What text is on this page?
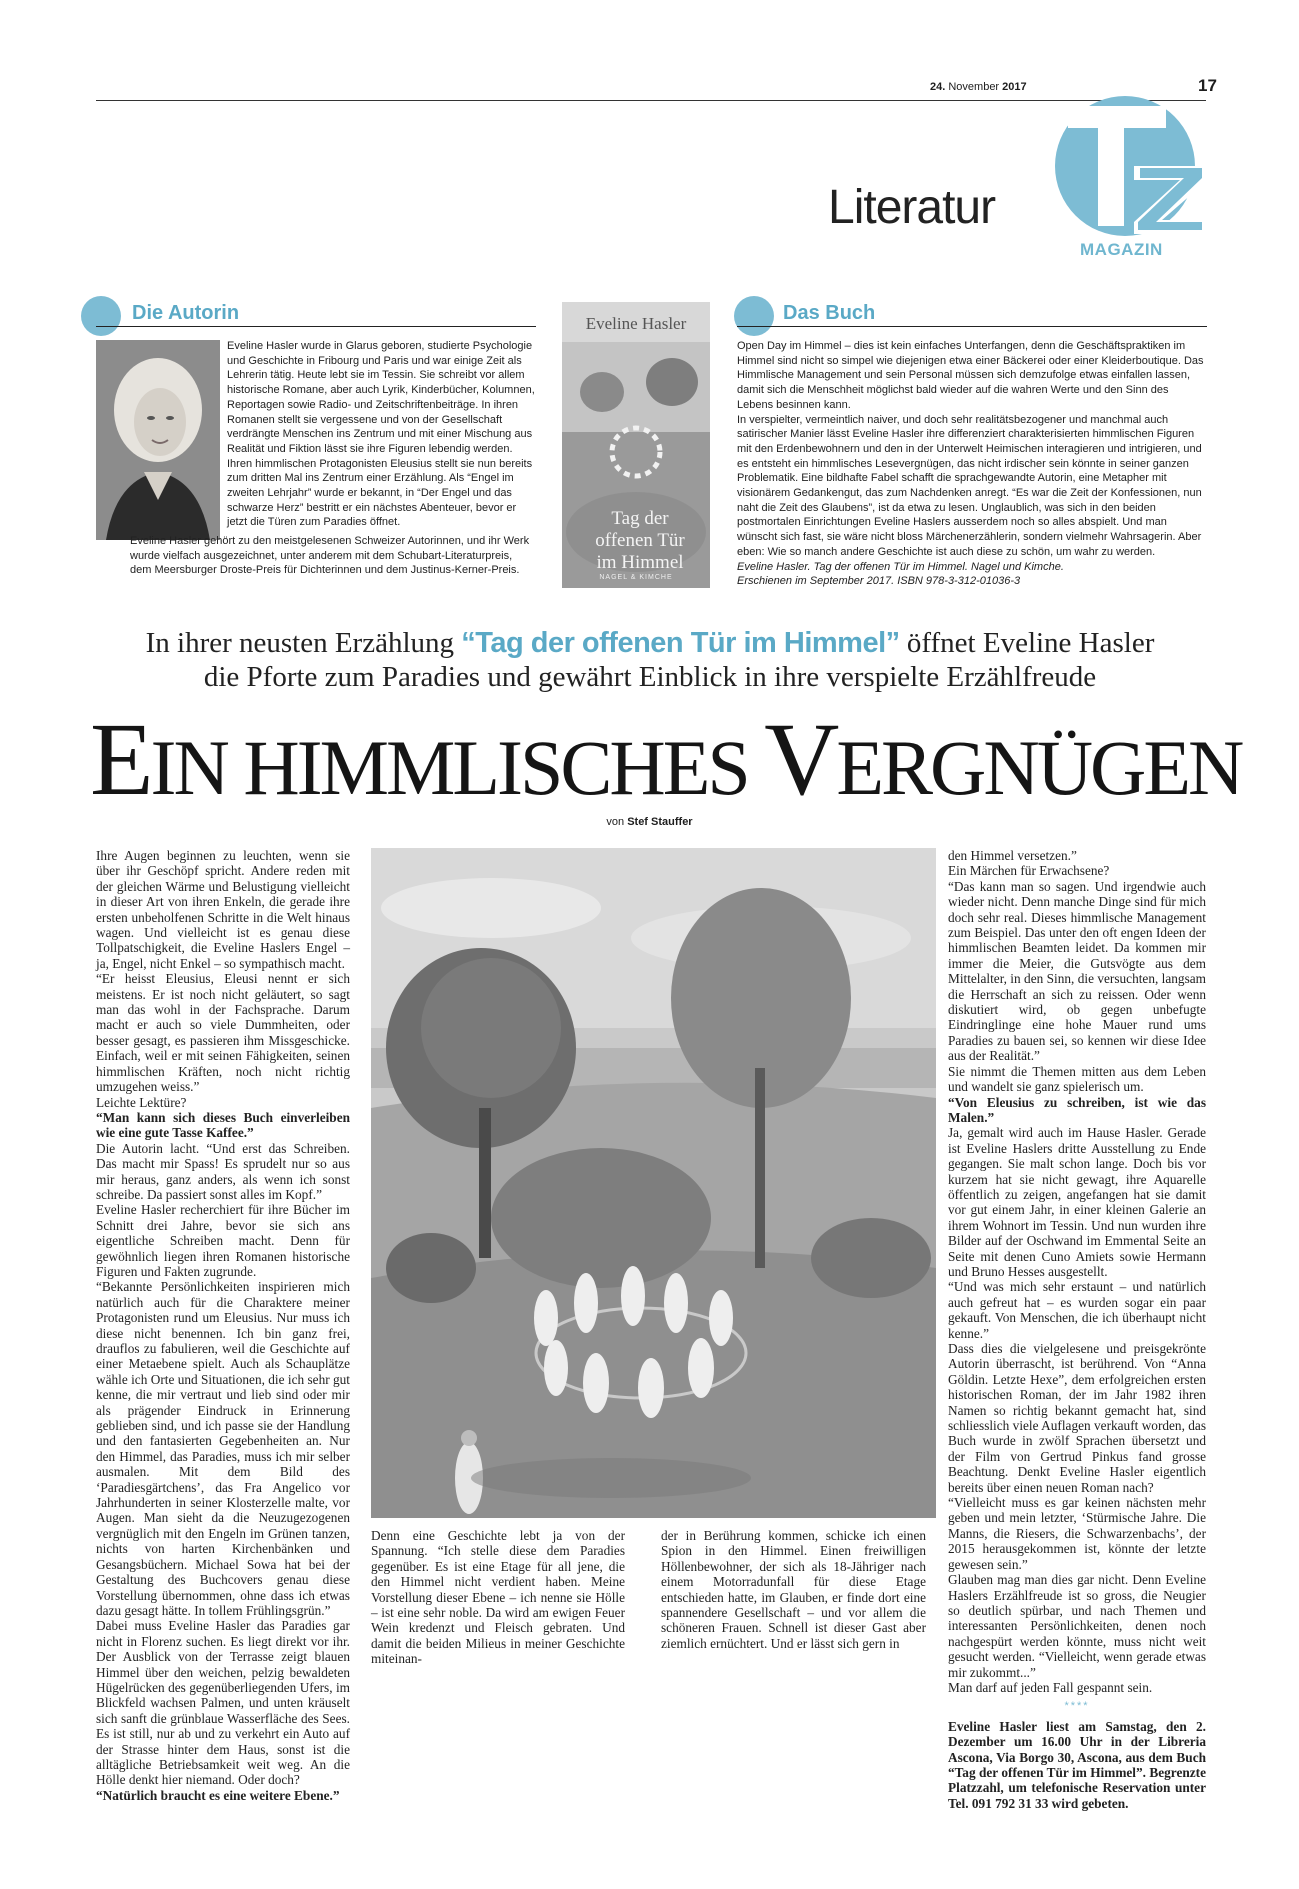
24. November 2017	17
Literatur
MAGAZIN
Die Autorin
Eveline Hasler wurde in Glarus geboren, studierte Psychologie und Geschichte in Fribourg und Paris und war einige Zeit als Lehrerin tätig. Heute lebt sie im Tessin. Sie schreibt vor allem historische Romane, aber auch Lyrik, Kinderbücher, Kolumnen, Reportagen sowie Radio- und Zeitschriftenbeiträge. In ihren Romanen stellt sie vergessene und von der Gesellschaft verdrängte Menschen ins Zentrum und mit einer Mischung aus Realität und Fiktion lässt sie ihre Figuren lebendig werden. Ihren himmlischen Protagonisten Eleusius stellt sie nun bereits zum dritten Mal ins Zentrum einer Erzählung. Als “Engel im zweiten Lehrjahr” wurde er bekannt, in “Der Engel und das schwarze Herz” bestritt er ein nächstes Abenteuer, bevor er jetzt die Türen zum Paradies öffnet.
Eveline Hasler gehört zu den meistgelesenen Schweizer Autorinnen, und ihr Werk wurde vielfach ausgezeichnet, unter anderem mit dem Schubart-Literaturpreis, dem Meersburger Droste-Preis für Dichterinnen und dem Justinus-Kerner-Preis.
Eveline Hasler
Tag der
offenen Tür
im Himmel
NAGEL & KIMCHE
Das Buch

Open Day im Himmel – dies ist kein einfaches Unterfangen, denn die Geschäftspraktiken im Himmel sind nicht so simpel wie diejenigen etwa einer Bäckerei oder einer Kleiderboutique. Das Himmlische Management und sein Personal müssen sich demzufolge etwas einfallen lassen, damit sich die Menschheit möglichst bald wieder auf die wahren Werte und den Sinn des Lebens besinnen kann.

In verspielter, vermeintlich naiver, und doch sehr realitätsbezogener und manchmal auch satirischer Manier lässt Eveline Hasler ihre differenziert charakterisierten himmlischen Figuren mit den Erdenbewohnern und den in der Unterwelt Heimischen interagieren und intrigieren, und es entsteht ein himmlisches Lesevergnügen, das nicht irdischer sein könnte in seiner ganzen Problematik. Eine bildhafte Fabel schafft die sprachgewandte Autorin, eine Metapher mit visionärem Gedankengut, das zum Nachdenken anregt. “Es war die Zeit der Konfessionen, nun naht die Zeit des Glaubens”, ist da etwa zu lesen. Unglaublich, was sich in den beiden postmortalen Einrichtungen Eveline Haslers ausserdem noch so alles abspielt. Und man wünscht sich fast, sie wäre nicht bloss Märchenerzählerin, sondern vielmehr Wahrsagerin. Aber eben: Wie so manch andere Geschichte ist auch diese zu schön, um wahr zu werden.

Eveline Hasler. Tag der offenen Tür im Himmel. Nagel und Kimche.

Erschienen im September 2017. ISBN 978-3-312-01036-3

In ihrer neusten Erzählung “Tag der offenen Tür im Himmel” öffnet Eveline Hasler
die Pforte zum Paradies und gewährt Einblick in ihre verspielte Erzählfreude
EIN HIMMLISCHES VERGNÜGEN
von Stef Stauffer

Ihre Augen beginnen zu leuchten, wenn sie über ihr Geschöpf spricht. Andere reden mit der gleichen Wärme und Belustigung vielleicht in dieser Art von ihren Enkeln, die gerade ihre ersten unbeholfenen Schritte in die Welt hinaus wagen. Und vielleicht ist es genau diese Tollpatschigkeit, die Eveline Haslers Engel – ja, Engel, nicht Enkel – so sympathisch macht.

“Er heisst Eleusius, Eleusi nennt er sich meistens. Er ist noch nicht geläutert, so sagt man das wohl in der Fachsprache. Darum macht er auch so viele Dummheiten, oder besser gesagt, es passieren ihm Missgeschicke. Einfach, weil er mit seinen Fähigkeiten, seinen himmlischen Kräften, noch nicht richtig umzugehen weiss.”

Leichte Lektüre?

“Man kann sich dieses Buch einverleiben wie eine gute Tasse Kaffee.”

Die Autorin lacht. “Und erst das Schreiben. Das macht mir Spass! Es sprudelt nur so aus mir heraus, ganz anders, als wenn ich sonst schreibe. Da passiert sonst alles im Kopf.”

Eveline Hasler recherchiert für ihre Bücher im Schnitt drei Jahre, bevor sie sich ans eigentliche Schreiben macht. Denn für gewöhnlich liegen ihren Romanen historische Figuren und Fakten zugrunde.

“Bekannte Persönlichkeiten inspirieren mich natürlich auch für die Charaktere meiner Protagonisten rund um Eleusius. Nur muss ich diese nicht benennen. Ich bin ganz frei, drauflos zu fabulieren, weil die Geschichte auf einer Metaebene spielt. Auch als Schauplätze wähle ich Orte und Situationen, die ich sehr gut kenne, die mir vertraut und lieb sind oder mir als prägender Eindruck in Erinnerung geblieben sind, und ich passe sie der Handlung und den fantasierten Gegebenheiten an. Nur den Himmel, das Paradies, muss ich mir selber ausmalen. Mit dem Bild des ‘Paradiesgärtchens’, das Fra Angelico vor Jahrhunderten in seiner Klosterzelle malte, vor Augen. Man sieht da die Neuzugezogenen vergnüglich mit den Engeln im Grünen tanzen, nichts von harten Kirchenbänken und Gesangsbüchern. Michael Sowa hat bei der Gestaltung des Buchcovers genau diese Vorstellung übernommen, ohne dass ich etwas dazu gesagt hätte. In tollem Frühlingsgrün.”

Dabei muss Eveline Hasler das Paradies gar nicht in Florenz suchen. Es liegt direkt vor ihr. Der Ausblick von der Terrasse zeigt blauen Himmel über den weichen, pelzig bewaldeten Hügelrücken des gegenüberliegenden Ufers, im Blickfeld wachsen Palmen, und unten kräuselt sich sanft die grünblaue Wasserfläche des Sees. Es ist still, nur ab und zu verkehrt ein Auto auf der Strasse hinter dem Haus, sonst ist die alltägliche Betriebsamkeit weit weg. An die Hölle denkt hier niemand. Oder doch?

“Natürlich braucht es eine weitere Ebene.”

Denn eine Geschichte lebt ja von der Spannung. “Ich stelle diese dem Paradies gegenüber. Es ist eine Etage für all jene, die den Himmel nicht verdient haben. Meine Vorstellung dieser Ebene – ich nenne sie Hölle – ist eine sehr noble. Da wird am ewigen Feuer Wein kredenzt und Fleisch gebraten. Und damit die beiden Milieus in meiner Geschichte miteinan-

der in Berührung kommen, schicke ich einen Spion in den Himmel. Einen freiwilligen Höllenbewohner, der sich als 18-Jähriger nach einem Motorradunfall für diese Etage entschieden hatte, im Glauben, er finde dort eine spannendere Gesellschaft – und vor allem die schöneren Frauen. Schnell ist dieser Gast aber ziemlich ernüchtert. Und er lässt sich gern in

den Himmel versetzen.”

Ein Märchen für Erwachsene?

“Das kann man so sagen. Und irgendwie auch wieder nicht. Denn manche Dinge sind für mich doch sehr real. Dieses himmlische Management zum Beispiel. Das unter den oft engen Ideen der himmlischen Beamten leidet. Da kommen mir immer die Meier, die Gutsvögte aus dem Mittelalter, in den Sinn, die versuchten, langsam die Herrschaft an sich zu reissen. Oder wenn diskutiert wird, ob gegen unbefugte Eindringlinge eine hohe Mauer rund ums Paradies zu bauen sei, so kennen wir diese Idee aus der Realität.”

Sie nimmt die Themen mitten aus dem Leben und wandelt sie ganz spielerisch um.

“Von Eleusius zu schreiben, ist wie das Malen.”

Ja, gemalt wird auch im Hause Hasler. Gerade ist Eveline Haslers dritte Ausstellung zu Ende gegangen. Sie malt schon lange. Doch bis vor kurzem hat sie nicht gewagt, ihre Aquarelle öffentlich zu zeigen, angefangen hat sie damit vor gut einem Jahr, in einer kleinen Galerie an ihrem Wohnort im Tessin. Und nun wurden ihre Bilder auf der Oschwand im Emmental Seite an Seite mit denen Cuno Amiets sowie Hermann und Bruno Hesses ausgestellt.

“Und was mich sehr erstaunt – und natürlich auch gefreut hat – es wurden sogar ein paar gekauft. Von Menschen, die ich überhaupt nicht kenne.”

Dass dies die vielgelesene und preisgekrönte Autorin überrascht, ist berührend. Von “Anna Göldin. Letzte Hexe”, dem erfolgreichen ersten historischen Roman, der im Jahr 1982 ihren Namen so richtig bekannt gemacht hat, sind schliesslich viele Auflagen verkauft worden, das Buch wurde in zwölf Sprachen übersetzt und der Film von Gertrud Pinkus fand grosse Beachtung. Denkt Eveline Hasler eigentlich bereits über einen neuen Roman nach?

“Vielleicht muss es gar keinen nächsten mehr geben und mein letzter, ‘Stürmische Jahre. Die Manns, die Riesers, die Schwarzenbachs’, der 2015 herausgekommen ist, könnte der letzte gewesen sein.”

Glauben mag man dies gar nicht. Denn Eveline Haslers Erzählfreude ist so gross, die Neugier so deutlich spürbar, und nach Themen und interessanten Persönlichkeiten, denen noch nachgespürt werden könnte, muss nicht weit gesucht werden. “Vielleicht, wenn gerade etwas mir zukommt...”

Man darf auf jeden Fall gespannt sein.

****

Eveline Hasler liest am Samstag, den 2. Dezember um 16.00 Uhr in der Libreria Ascona, Via Borgo 30, Ascona, aus dem Buch “Tag der offenen Tür im Himmel”. Begrenzte Platzzahl, um telefonische Reservation unter Tel. 091 792 31 33 wird gebeten.
